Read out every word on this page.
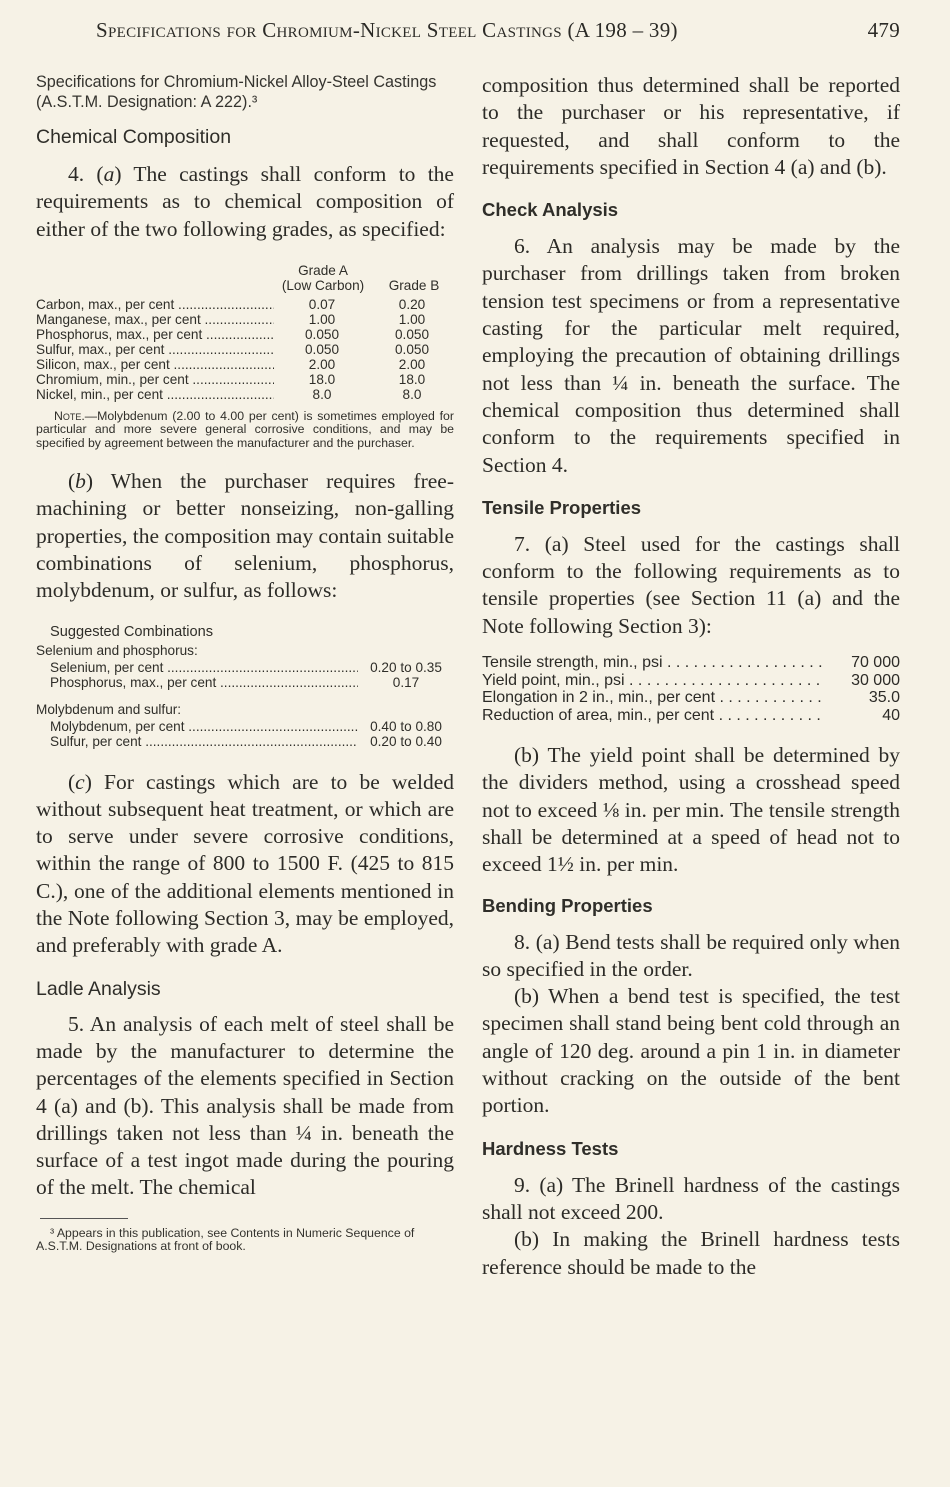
Specifications for Chromium-Nickel Steel Castings (A 198 – 39)	479

Specifications for Chromium-Nickel Alloy-Steel Castings (A.S.T.M. Designation: A 222).³

Chemical Composition

4. (a) The castings shall conform to the requirements as to chemical composition of either of the two following grades, as specified:

Grade A
(Low Carbon)	Grade B
Carbon, max., per cent .....	0.07	0.20
Manganese, max., per cent .....	1.00	1.00
Phosphorus, max., per cent .....	0.050	0.050
Sulfur, max., per cent .....	0.050	0.050
Silicon, max., per cent .....	2.00	2.00
Chromium, min., per cent .....	18.0	18.0
Nickel, min., per cent .....	8.0	8.0

Note.—Molybdenum (2.00 to 4.00 per cent) is sometimes employed for particular and more severe general corrosive conditions, and may be specified by agreement between the manufacturer and the purchaser.

(b) When the purchaser requires free-machining or better nonseizing, non-galling properties, the composition may contain suitable combinations of selenium, phosphorus, molybdenum, or sulfur, as follows:

Suggested Combinations
Selenium and phosphorus:
Selenium, per cent .....	0.20 to 0.35
Phosphorus, max., per cent .....	0.17
Molybdenum and sulfur:
Molybdenum, per cent .....	0.40 to 0.80
Sulfur, per cent .....	0.20 to 0.40

(c) For castings which are to be welded without subsequent heat treatment, or which are to serve under severe corrosive conditions, within the range of 800 to 1500 F. (425 to 815 C.), one of the additional elements mentioned in the Note following Section 3, may be employed, and preferably with grade A.

Ladle Analysis

5. An analysis of each melt of steel shall be made by the manufacturer to determine the percentages of the elements specified in Section 4 (a) and (b). This analysis shall be made from drillings taken not less than ¼ in. beneath the surface of a test ingot made during the pouring of the melt. The chemical

³ Appears in this publication, see Contents in Numeric Sequence of A.S.T.M. Designations at front of book.

composition thus determined shall be reported to the purchaser or his representative, if requested, and shall conform to the requirements specified in Section 4 (a) and (b).

Check Analysis

6. An analysis may be made by the purchaser from drillings taken from broken tension test specimens or from a representative casting for the particular melt required, employing the precaution of obtaining drillings not less than ¼ in. beneath the surface. The chemical composition thus determined shall conform to the requirements specified in Section 4.

Tensile Properties

7. (a) Steel used for the castings shall conform to the following requirements as to tensile properties (see Section 11 (a) and the Note following Section 3):

Tensile strength, min., psi . . .	70 000
Yield point, min., psi . . .	30 000
Elongation in 2 in., min., per cent . . .	35.0
Reduction of area, min., per cent . . .	40

(b) The yield point shall be determined by the dividers method, using a crosshead speed not to exceed ⅛ in. per min. The tensile strength shall be determined at a speed of head not to exceed 1½ in. per min.

Bending Properties

8. (a) Bend tests shall be required only when so specified in the order.

(b) When a bend test is specified, the test specimen shall stand being bent cold through an angle of 120 deg. around a pin 1 in. in diameter without cracking on the outside of the bent portion.

Hardness Tests

9. (a) The Brinell hardness of the castings shall not exceed 200.

(b) In making the Brinell hardness tests reference should be made to the
